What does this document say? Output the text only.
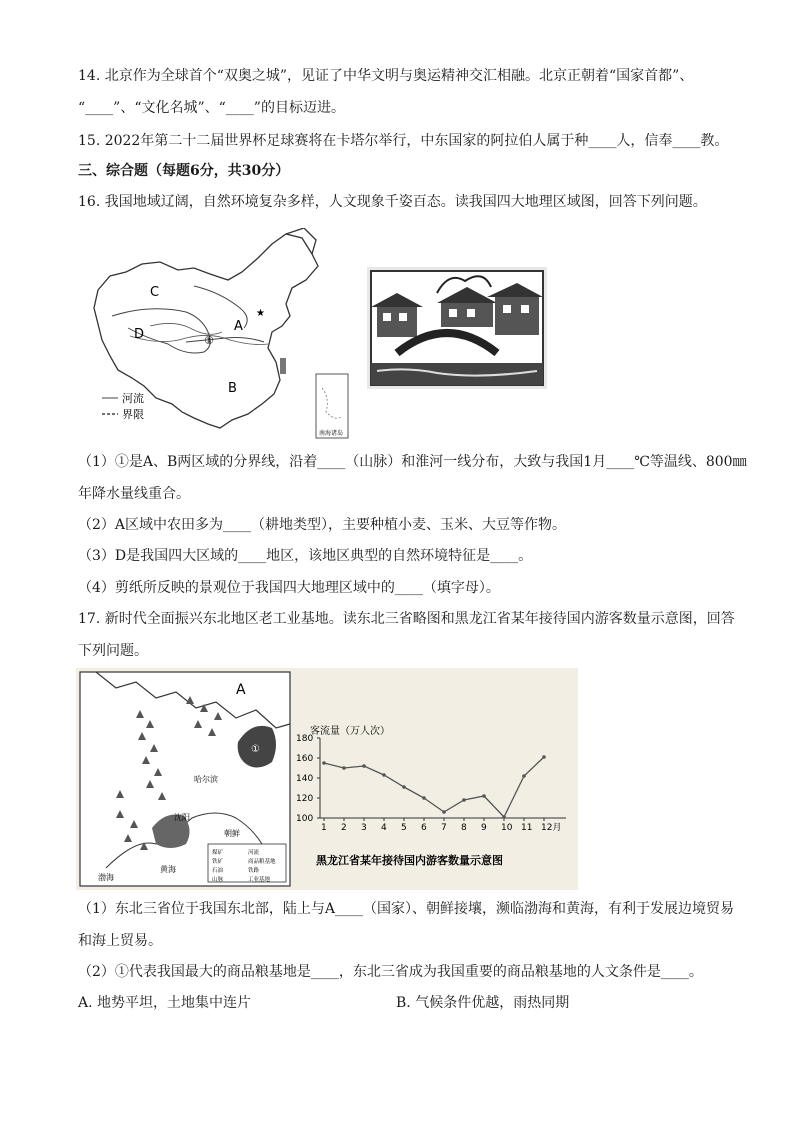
14. 北京作为全球首个“双奥之城”，见证了中华文明与奥运精神交汇相融。北京正朝着“国家首都”、
“____”、“文化名城”、“____”的目标迈进。
15. 2022年第二十二届世界杯足球赛将在卡塔尔举行，中东国家的阿拉伯人属于种____人，信奉____教。
三、综合题（每题6分，共30分）
16. 我国地域辽阔，自然环境复杂多样，人文现象千姿百态。读我国四大地理区域图，回答下列问题。
C
D
A
B
①
★
河流
界限
南海诸岛
（1）①是A、B两区域的分界线，沿着____（山脉）和淮河一线分布，大致与我国1月____℃等温线、800㎜
年降水量线重合。
（2）A区域中农田多为____（耕地类型），主要种植小麦、玉米、大豆等作物。
（3）D是我国四大区域的____地区，该地区典型的自然环境特征是____。
（4）剪纸所反映的景观位于我国四大地理区域中的____（填字母）。
17. 新时代全面振兴东北地区老工业基地。读东北三省略图和黑龙江省某年接待国内游客数量示意图，回答
下列问题。
A
①
哈尔滨
沈阳
渤海
黄海
朝鲜
煤矿	河流
铁矿	商品粮基地
石油	铁路
山脉	工业基地
客流量（万人次）
100
120
140
160
180
1 2 3 4 5 6 7 8 9 10 11 12月
黑龙江省某年接待国内游客数量示意图
（1）东北三省位于我国东北部，陆上与A____（国家）、朝鲜接壤，濒临渤海和黄海，有利于发展边境贸易
和海上贸易。
（2）①代表我国最大的商品粮基地是____，东北三省成为我国重要的商品粮基地的人文条件是____。
A. 地势平坦，土地集中连片	B. 气候条件优越，雨热同期
